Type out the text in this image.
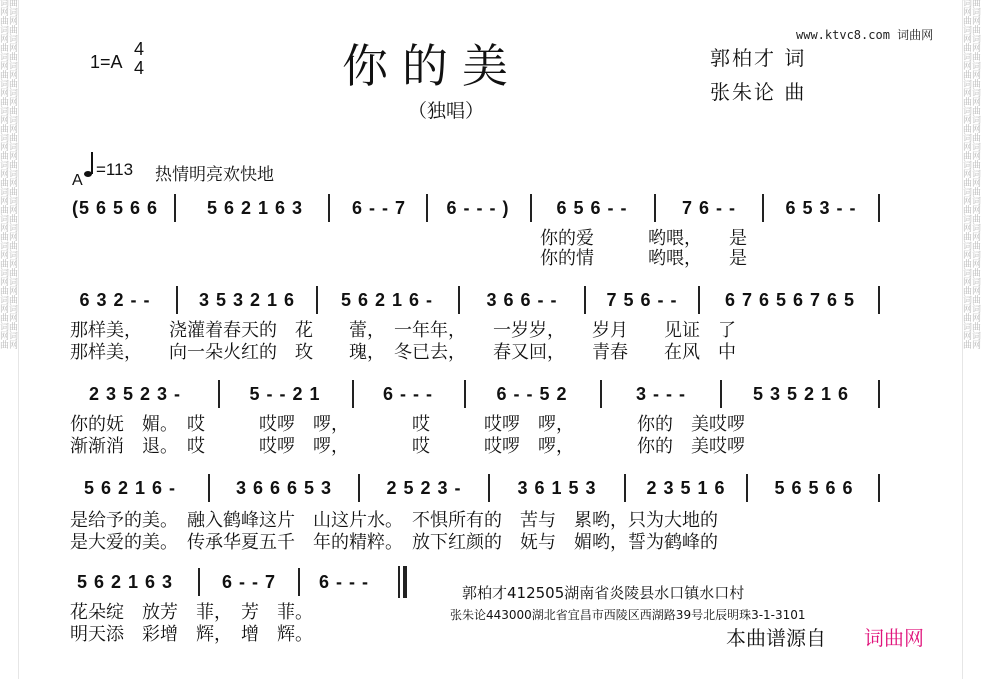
词曲网词曲网词曲网词曲网词曲网词曲网词曲网词曲网词曲网词曲网词曲网词曲网词曲网词曲网词曲网词曲网词曲网词曲网词曲网词曲网词曲网词曲网词曲网词曲网词曲网词曲网
词曲网词曲网词曲网词曲网词曲网词曲网词曲网词曲网词曲网词曲网词曲网词曲网词曲网词曲网词曲网词曲网词曲网词曲网词曲网词曲网词曲网词曲网词曲网词曲网词曲网词曲网
1=A
4
4	你的美
（独唱）
郭柏才 词
张朱论 曲
www.ktvc8.com 词曲网
A
=113 热情明亮欢快地
(5 6 5 6 6	5 6 2 1 6 3	6 - - 7	6 - - - )	6 5 6 - -	7 6 - -	6 5 3 - -
你的爱　　　哟喂，　　是
你的情　　　哟喂，　　是
6 3 2 - -	3 5 3 2 1 6	5 6 2 1 6 -	3 6 6 - -	7 5 6 - -	6 7 6 5 6 7 6 5
那样美，　　浇灌着春天的　花　　蕾，　一年年，　　一岁岁，　　岁月　　见证　了
那样美，　　向一朵火红的　玫　　瑰，　冬已去，　　春又回，　　青春　　在风　中
2 3 5 2 3 -	5 - - 2 1	6 - - -	6 - - 5 2	3 - - -	5 3 5 2 1 6
你的妩　媚。　哎　　　哎啰　啰，　　　　哎　　　哎啰　啰，　　　　你的　美哎啰
渐渐消　退。　哎　　　哎啰　啰，　　　　哎　　　哎啰　啰，　　　　你的　美哎啰
5 6 2 1 6 -	3 6 6 6 5 3	2 5 2 3 -	3 6 1 5 3	2 3 5 1 6	5 6 5 6 6
是给予的美。　融入鹤峰这片　山这片水。　不惧所有的　苦与　累哟，只为大地的
是大爱的美。　传承华夏五千　年的精粹。　放下红颜的　妩与　媚哟，誓为鹤峰的
5 6 2 1 6 3	6 - - 7	6 - - -
花朵绽　放芳　菲，　芳　菲。
明天添　彩增　辉，　增　辉。
郭柏才412505湖南省炎陵县水口镇水口村
张朱论443000湖北省宜昌市西陵区西湖路39号北辰明珠3-1-3101
本曲谱源自 词曲网
